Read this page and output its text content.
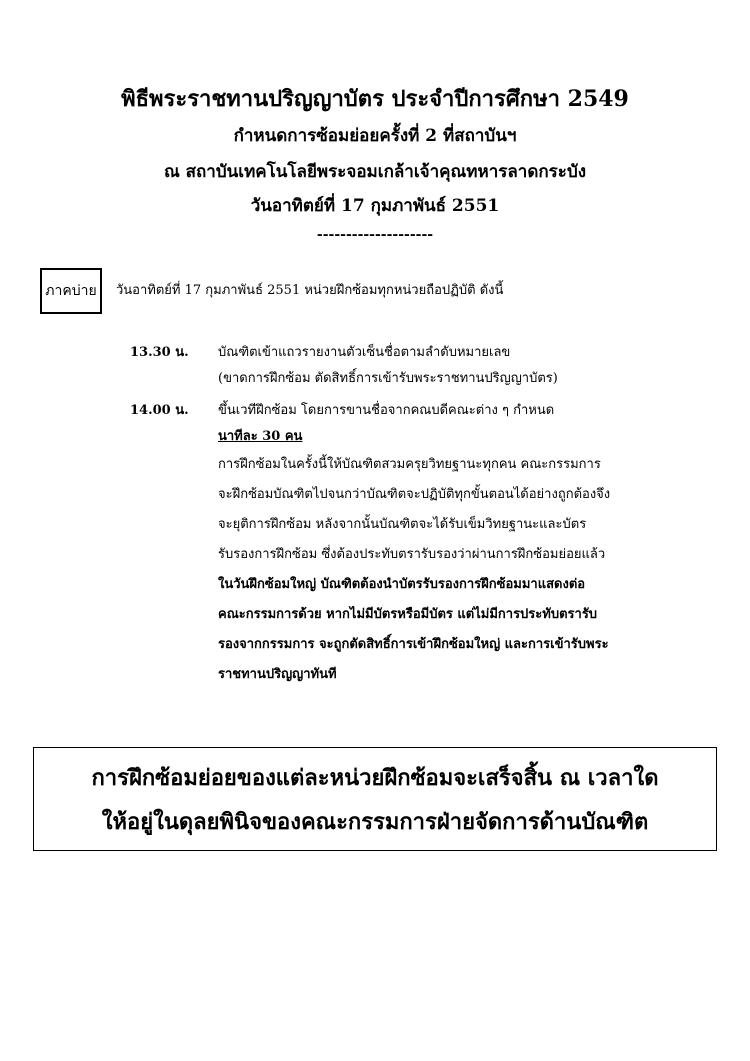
พิธีพระราชทานปริญญาบัตร ประจำปีการศึกษา 2549
กำหนดการซ้อมย่อยครั้งที่ 2 ที่สถาบันฯ
ณ สถาบันเทคโนโลยีพระจอมเกล้าเจ้าคุณทหารลาดกระบัง
วันอาทิตย์ที่ 17 กุมภาพันธ์ 2551
--------------------
ภาคบ่าย	วันอาทิตย์ที่ 17 กุมภาพันธ์ 2551 หน่วยฝึกซ้อมทุกหน่วยถือปฏิบัติ ดังนี้
13.30 น. บัณฑิตเข้าแถวรายงานตัวเซ็นชื่อตามลำดับหมายเลข
(ขาดการฝึกซ้อม ตัดสิทธิ์การเข้ารับพระราชทานปริญญาบัตร)
14.00 น. ขึ้นเวทีฝึกซ้อม โดยการขานชื่อจากคณบดีคณะต่าง ๆ กำหนด
นาทีละ 30 คน
การฝึกซ้อมในครั้งนี้ให้บัณฑิตสวมครุยวิทยฐานะทุกคน คณะกรรมการ
จะฝึกซ้อมบัณฑิตไปจนกว่าบัณฑิตจะปฏิบัติทุกขั้นตอนได้อย่างถูกต้องจึง
จะยุติการฝึกซ้อม หลังจากนั้นบัณฑิตจะได้รับเข็มวิทยฐานะและบัตร
รับรองการฝึกซ้อม ซึ่งต้องประทับตรารับรองว่าผ่านการฝึกซ้อมย่อยแล้ว
ในวันฝึกซ้อมใหญ่ บัณฑิตต้องนำบัตรรับรองการฝึกซ้อมมาแสดงต่อ
คณะกรรมการด้วย หากไม่มีบัตรหรือมีบัตร แต่ไม่มีการประทับตรารับ
รองจากกรรมการ จะถูกตัดสิทธิ์การเข้าฝึกซ้อมใหญ่ และการเข้ารับพระ
ราชทานปริญญาทันที
การฝึกซ้อมย่อยของแต่ละหน่วยฝึกซ้อมจะเสร็จสิ้น ณ เวลาใด
ให้อยู่ในดุลยพินิจของคณะกรรมการฝ่ายจัดการด้านบัณฑิต
